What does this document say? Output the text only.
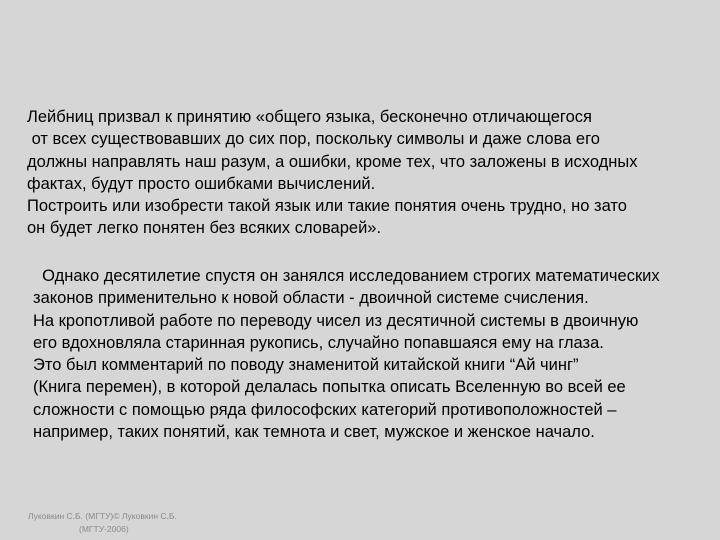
Лейбниц призвал к принятию «общего языка, бесконечно отличающегося
от всех существовавших до сих пор, поскольку символы и даже слова его
должны направлять наш разум, а ошибки, кроме тех, что заложены в исходных
фактах, будут просто ошибками вычислений.
Построить или изобрести такой язык или такие понятия очень трудно, но зато
он будет легко понятен без всяких словарей».
Однако десятилетие спустя он занялся исследованием строгих математических
законов применительно к новой области - двоичной системе счисления.
На кропотливой работе по переводу чисел из десятичной системы в двоичную
его вдохновляла старинная рукопись, случайно попавшаяся ему на глаза.
Это был комментарий по поводу знаменитой китайской книги “Ай чинг”
(Книга перемен), в которой делалась попытка описать Вселенную во всей ее
сложности с помощью ряда философских категорий противоположностей –
например, таких понятий, как темнота и свет, мужское и женское начало.
Луковкин С.Б. (МГТУ)© Луковкин С.Б.
(МГТУ-2006)
